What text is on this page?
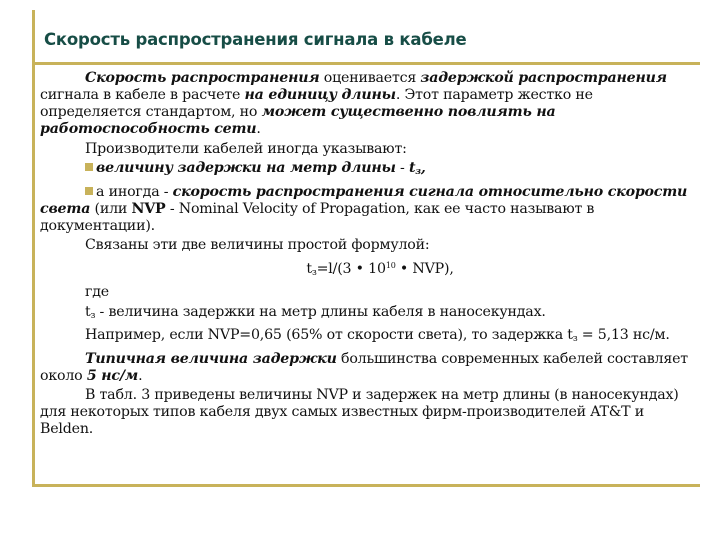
Скорость распространения сигнала в кабеле

Скорость распространения оценивается задержкой распространения сигнала в кабеле в расчете на единицу длины. Этот параметр жестко не определяется стандартом, но может существенно повлиять на работоспособность сети.

Производители кабелей иногда указывают:

величину задержки на метр длины - $t_з$,

а иногда - скорость распространения сигнала относительно скорости света (или NVP - Nominal Velocity of Propagation, как ее часто называют в документации).

Связаны эти две величины простой формулой:

$t_з=l/(3$ • $10^{10}$ • NVP),

где

$t_з$ - величина задержки на метр длины кабеля в наносекундах.

Например, если NVP=0,65 (65% от скорости света), то задержка $t_з = 5,13$ нс/м.

Типичная величина задержки большинства современных кабелей составляет около 5 нс/м.

В табл. 3 приведены величины NVP и задержек на метр длины (в наносекундах) для некоторых типов кабеля двух самых известных фирм-производителей AT&T и Belden.
